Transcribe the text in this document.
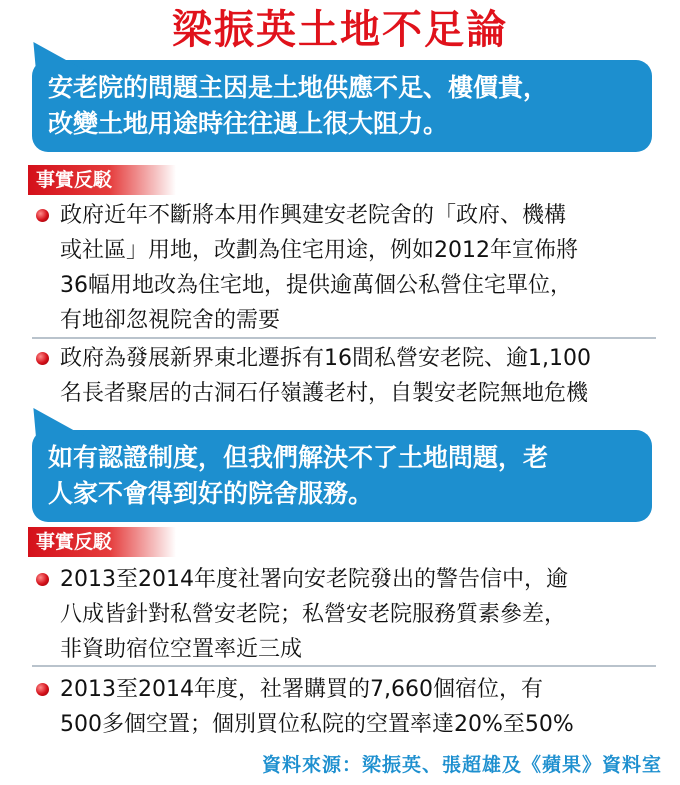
梁振英土地不足論

安老院的問題主因是土地供應不足、樓價貴，

改變土地用途時往往遇上很大阻力。

事實反駁
政府近年不斷將本用作興建安老院舍的「政府、機構
或社區」用地，改劃為住宅用途，例如2012年宣佈將
36幅用地改為住宅地，提供逾萬個公私營住宅單位，
有地卻忽視院舍的需要
政府為發展新界東北遷拆有16間私營安老院、逾1,100
名長者聚居的古洞石仔嶺護老村，自製安老院無地危機

如有認證制度，但我們解決不了土地問題，老

人家不會得到好的院舍服務。

事實反駁
2013至2014年度社署向安老院發出的警告信中，逾
八成皆針對私營安老院；私營安老院服務質素參差，
非資助宿位空置率近三成
2013至2014年度，社署購買的7,660個宿位，有
500多個空置；個別買位私院的空置率達20%至50%
資料來源：梁振英、張超雄及《蘋果》資料室
